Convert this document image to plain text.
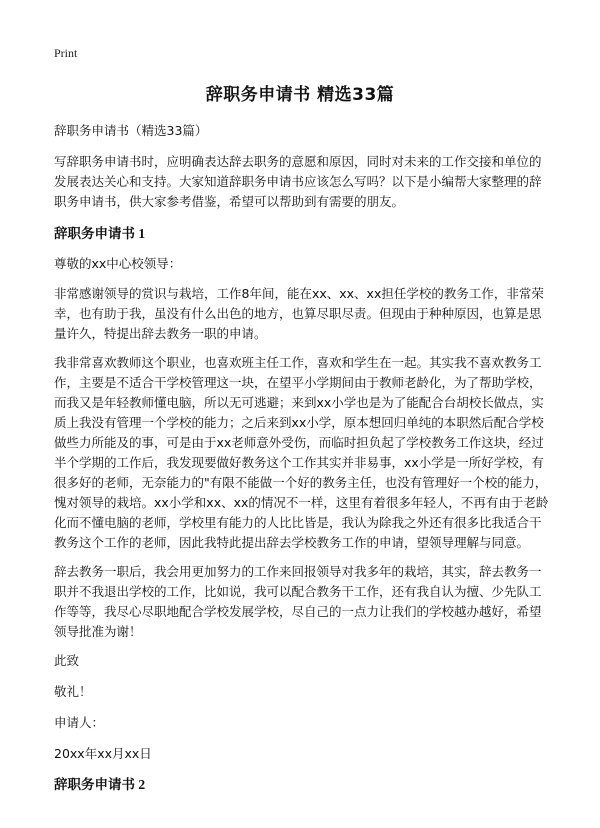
Print
辞职务申请书 精选33篇

辞职务申请书（精选33篇）

写辞职务申请书时，应明确表达辞去职务的意愿和原因，同时对未来的工作交接和单位的发展表达关心和支持。大家知道辞职务申请书应该怎么写吗？以下是小编帮大家整理的辞职务申请书，供大家参考借鉴，希望可以帮助到有需要的朋友。

辞职务申请书 1

尊敬的xx中心校领导：

非常感谢领导的赏识与栽培，工作8年间，能在xx、xx、xx担任学校的教务工作，非常荣幸，也有助于我，虽没有什么出色的地方，也算尽职尽责。但现由于种种原因，也算是思量许久，特提出辞去教务一职的申请。

我非常喜欢教师这个职业，也喜欢班主任工作，喜欢和学生在一起。其实我不喜欢教务工作，主要是不适合干学校管理这一块，在望平小学期间由于教师老龄化，为了帮助学校，而我又是年轻教师懂电脑，所以无可逃避；来到xx小学也是为了能配合台胡校长做点，实质上我没有管理一个学校的能力；之后来到xx小学，原本想回归单纯的本职然后配合学校做些力所能及的事，可是由于xx老师意外受伤，而临时担负起了学校教务工作这块，经过半个学期的工作后，我发现要做好教务这个工作其实并非易事，xx小学是一所好学校，有很多好的老师，无奈能力的"有限不能做一个好的教务主任，也没有管理好一个校的能力，愧对领导的栽培。xx小学和xx、xx的情况不一样，这里有着很多年轻人，不再有由于老龄化而不懂电脑的老师，学校里有能力的人比比皆是，我认为除我之外还有很多比我适合干教务这个工作的老师，因此我特此提出辞去学校教务工作的申请，望领导理解与同意。

辞去教务一职后，我会用更加努力的工作来回报领导对我多年的栽培，其实，辞去教务一职并不我退出学校的工作，比如说，我可以配合教务干工作，还有我自认为擅、少先队工作等等，我尽心尽职地配合学校发展学校，尽自己的一点力让我们的学校越办越好，希望领导批准为谢！

此致

敬礼！

申请人：

20xx年xx月xx日

辞职务申请书 2
